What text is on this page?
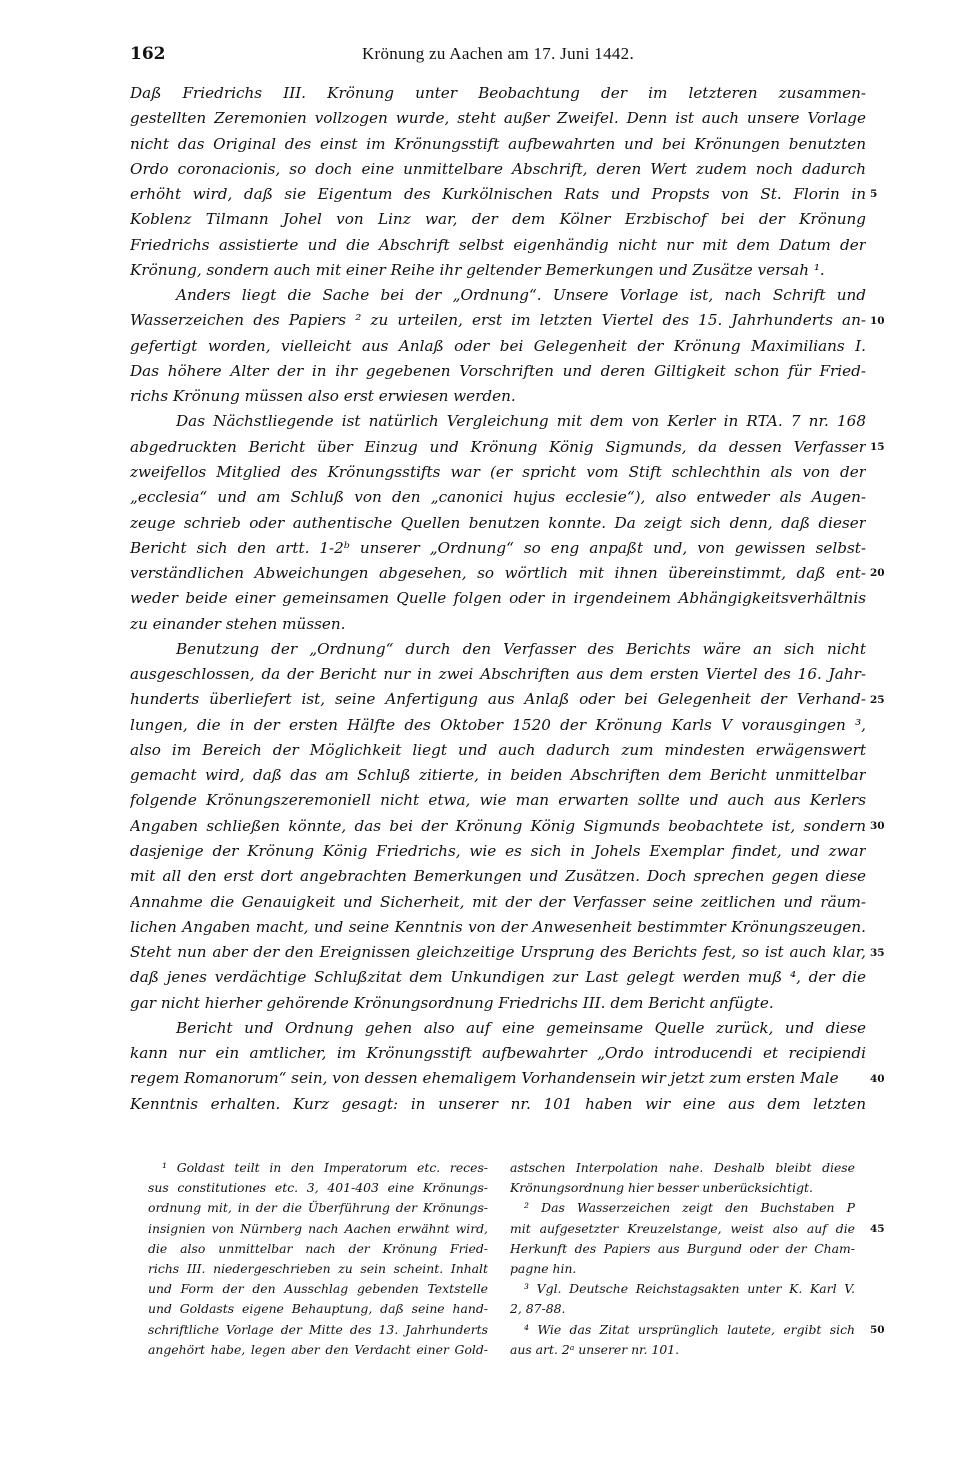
162	Krönung zu Aachen am 17. Juni 1442.
Daß Friedrichs III. Krönung unter Beobachtung der im letzteren zusammen-
gestellten Zeremonien vollzogen wurde, steht außer Zweifel. Denn ist auch unsere Vorlage
nicht das Original des einst im Krönungsstift aufbewahrten und bei Krönungen benutzten
Ordo coronacionis, so doch eine unmittelbare Abschrift, deren Wert zudem noch dadurch
erhöht wird, daß sie Eigentum des Kurkölnischen Rats und Propsts von St. Florin in
Koblenz Tilmann Johel von Linz war, der dem Kölner Erzbischof bei der Krönung
Friedrichs assistierte und die Abschrift selbst eigenhändig nicht nur mit dem Datum der
Krönung, sondern auch mit einer Reihe ihr geltender Bemerkungen und Zusätze versah ¹.
Anders liegt die Sache bei der „Ordnung“. Unsere Vorlage ist, nach Schrift und
Wasserzeichen des Papiers ² zu urteilen, erst im letzten Viertel des 15. Jahrhunderts an-
gefertigt worden, vielleicht aus Anlaß oder bei Gelegenheit der Krönung Maximilians I.
Das höhere Alter der in ihr gegebenen Vorschriften und deren Giltigkeit schon für Fried-
richs Krönung müssen also erst erwiesen werden.
Das Nächstliegende ist natürlich Vergleichung mit dem von Kerler in RTA. 7 nr. 168
abgedruckten Bericht über Einzug und Krönung König Sigmunds, da dessen Verfasser
zweifellos Mitglied des Krönungsstifts war (er spricht vom Stift schlechthin als von der
„ecclesia“ und am Schluß von den „canonici hujus ecclesie“), also entweder als Augen-
zeuge schrieb oder authentische Quellen benutzen konnte. Da zeigt sich denn, daß dieser
Bericht sich den artt. 1-2ᵇ unserer „Ordnung“ so eng anpaßt und, von gewissen selbst-
verständlichen Abweichungen abgesehen, so wörtlich mit ihnen übereinstimmt, daß ent-
weder beide einer gemeinsamen Quelle folgen oder in irgendeinem Abhängigkeitsverhältnis
zu einander stehen müssen.
Benutzung der „Ordnung“ durch den Verfasser des Berichts wäre an sich nicht
ausgeschlossen, da der Bericht nur in zwei Abschriften aus dem ersten Viertel des 16. Jahr-
hunderts überliefert ist, seine Anfertigung aus Anlaß oder bei Gelegenheit der Verhand-
lungen, die in der ersten Hälfte des Oktober 1520 der Krönung Karls V vorausgingen ³,
also im Bereich der Möglichkeit liegt und auch dadurch zum mindesten erwägenswert
gemacht wird, daß das am Schluß zitierte, in beiden Abschriften dem Bericht unmittelbar
folgende Krönungszeremoniell nicht etwa, wie man erwarten sollte und auch aus Kerlers
Angaben schließen könnte, das bei der Krönung König Sigmunds beobachtete ist, sondern
dasjenige der Krönung König Friedrichs, wie es sich in Johels Exemplar findet, und zwar
mit all den erst dort angebrachten Bemerkungen und Zusätzen. Doch sprechen gegen diese
Annahme die Genauigkeit und Sicherheit, mit der der Verfasser seine zeitlichen und räum-
lichen Angaben macht, und seine Kenntnis von der Anwesenheit bestimmter Krönungszeugen.
Steht nun aber der den Ereignissen gleichzeitige Ursprung des Berichts fest, so ist auch klar,
daß jenes verdächtige Schlußzitat dem Unkundigen zur Last gelegt werden muß ⁴, der die
gar nicht hierher gehörende Krönungsordnung Friedrichs III. dem Bericht anfügte.
Bericht und Ordnung gehen also auf eine gemeinsame Quelle zurück, und diese
kann nur ein amtlicher, im Krönungsstift aufbewahrter „Ordo introducendi et recipiendi
regem Romanorum“ sein, von dessen ehemaligem Vorhandensein wir jetzt zum ersten Male
Kenntnis erhalten. Kurz gesagt: in unserer nr. 101 haben wir eine aus dem letzten
5
10
15
20
25
30
35
40
¹ Goldast teilt in den Imperatorum etc. reces-
sus constitutiones etc. 3, 401-403 eine Krönungs-
ordnung mit, in der die Überführung der Krönungs-
insignien von Nürnberg nach Aachen erwähnt wird,
die also unmittelbar nach der Krönung Fried-
richs III. niedergeschrieben zu sein scheint. Inhalt
und Form der den Ausschlag gebenden Textstelle
und Goldasts eigene Behauptung, daß seine hand-
schriftliche Vorlage der Mitte des 13. Jahrhunderts
angehört habe, legen aber den Verdacht einer Gold-
astschen Interpolation nahe. Deshalb bleibt diese
Krönungsordnung hier besser unberücksichtigt.
² Das Wasserzeichen zeigt den Buchstaben P
mit aufgesetzter Kreuzelstange, weist also auf die
Herkunft des Papiers aus Burgund oder der Cham-
pagne hin.
³ Vgl. Deutsche Reichstagsakten unter K. Karl V.
2, 87-88.
⁴ Wie das Zitat ursprünglich lautete, ergibt sich
aus art. 2ᵃ unserer nr. 101.
45
50
